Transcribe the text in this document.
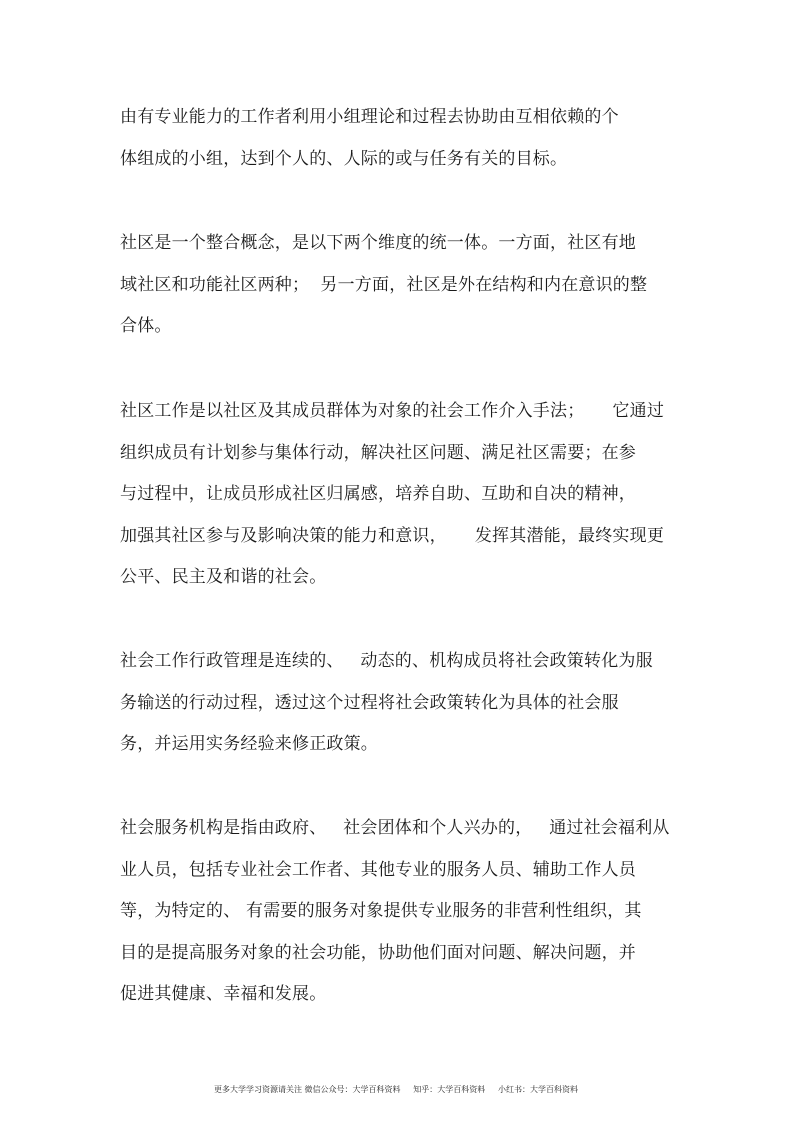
由有专业能力的工作者利用小组理论和过程去协助由互相依赖的个
体组成的小组，达到个人的、人际的或与任务有关的目标。
社区是一个整合概念，是以下两个维度的统一体。一方面，社区有地
域社区和功能社区两种；  另一方面，社区是外在结构和内在意识的整
合体。
社区工作是以社区及其成员群体为对象的社会工作介入手法；     它通过
组织成员有计划参与集体行动，解决社区问题、满足社区需要；在参
与过程中，让成员形成社区归属感，培养自助、互助和自决的精神，
加强其社区参与及影响决策的能力和意识，     发挥其潜能，最终实现更
公平、民主及和谐的社会。
社会工作行政管理是连续的、   动态的、机构成员将社会政策转化为服
务输送的行动过程，透过这个过程将社会政策转化为具体的社会服
务，并运用实务经验来修正政策。
社会服务机构是指由政府、   社会团体和个人兴办的，   通过社会福利从
业人员，包括专业社会工作者、其他专业的服务人员、辅助工作人员
等，为特定的、 有需要的服务对象提供专业服务的非营利性组织，其
目的是提高服务对象的社会功能，协助他们面对问题、解决问题，并
促进其健康、幸福和发展。
更多大学学习资源请关注 微信公众号：大学百科资料     知乎：大学百科资料     小红书：大学百科资料
